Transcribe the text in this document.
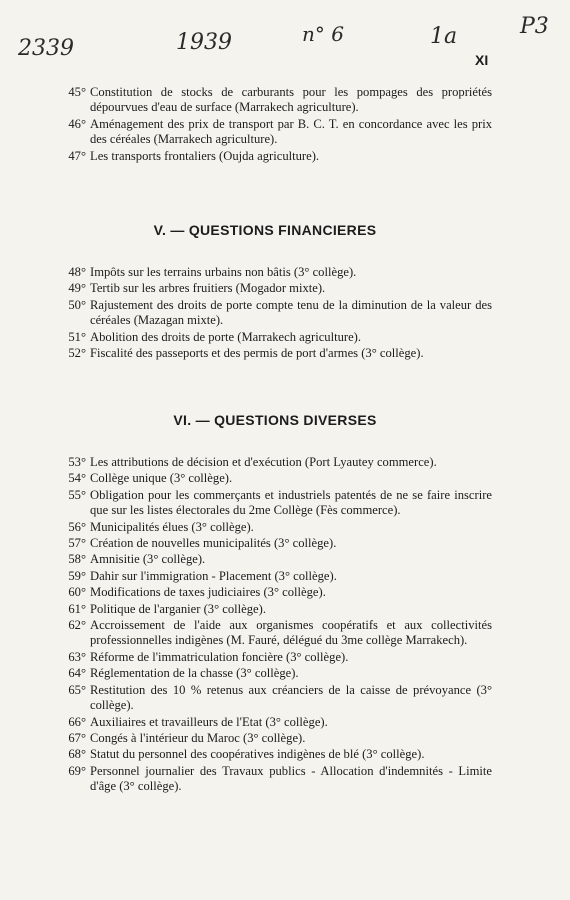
2339	1939	n° 6	1a	P3
XI
45° Constitution de stocks de carburants pour les pompages des propriétés dépourvues d'eau de surface (Marrakech agriculture).
46° Aménagement des prix de transport par B. C. T. en concordance avec les prix des céréales (Marrakech agriculture).
47° Les transports frontaliers (Oujda agriculture).
V. — QUESTIONS FINANCIERES
48° Impôts sur les terrains urbains non bâtis (3° collège).
49° Tertib sur les arbres fruitiers (Mogador mixte).
50° Rajustement des droits de porte compte tenu de la diminution de la valeur des céréales (Mazagan mixte).
51° Abolition des droits de porte (Marrakech agriculture).
52° Fiscalité des passeports et des permis de port d'armes (3° collège).
VI. — QUESTIONS DIVERSES
53° Les attributions de décision et d'exécution (Port Lyautey commerce).
54° Collège unique (3° collège).
55° Obligation pour les commerçants et industriels patentés de ne se faire inscrire que sur les listes électorales du 2me Collège (Fès commerce).
56° Municipalités élues (3° collège).
57° Création de nouvelles municipalités (3° collège).
58° Amnisitie (3° collège).
59° Dahir sur l'immigration - Placement (3° collège).
60° Modifications de taxes judiciaires (3° collège).
61° Politique de l'arganier (3° collège).
62° Accroissement de l'aide aux organismes coopératifs et aux collectivités professionnelles indigènes (M. Fauré, délégué du 3me collège Marrakech).
63° Réforme de l'immatriculation foncière (3° collège).
64° Réglementation de la chasse (3° collège).
65° Restitution des 10 % retenus aux créanciers de la caisse de prévoyance (3° collège).
66° Auxiliaires et travailleurs de l'Etat (3° collège).
67° Congés à l'intérieur du Maroc (3° collège).
68° Statut du personnel des coopératives indigènes de blé (3° collège).
69° Personnel journalier des Travaux publics - Allocation d'indemnités - Limite d'âge (3° collège).
